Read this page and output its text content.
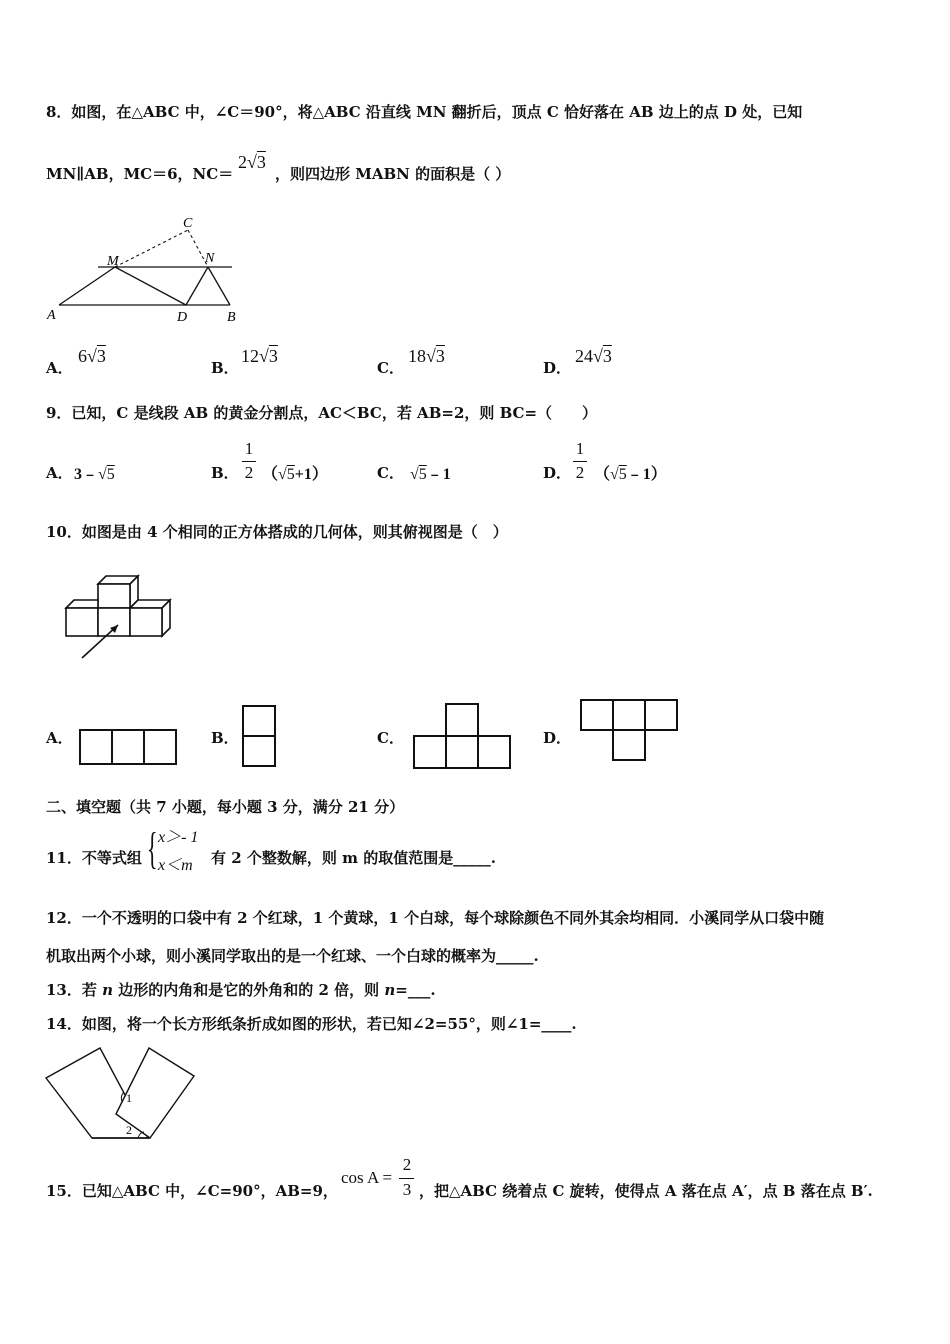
8．如图，在△ABC 中，∠C＝90°，将△ABC 沿直线 MN 翻折后，顶点 C 恰好落在 AB 边上的点 D 处，已知
MN∥AB，MC＝6，NC＝
2√3
，则四边形 MABN 的面积是（ ）
C
M	N
A	D	B
A．
6√3
B．
12√3
C．
18√3
D．
24√3
9．已知，C 是线段 AB 的黄金分割点，AC＜BC，若 AB=2，则 BC=（　　）
A． 3﹣√5	B．
1
2 （√5+1）	C． √5﹣1	D．
1
2 （√5﹣1）
10．如图是由 4 个相同的正方体搭成的几何体，则其俯视图是（　）
A．	B．	C．	D．
二、填空题（共 7 小题，每小题 3 分，满分 21 分）
11．不等式组 { x＞- 1
x＜m 有 2 个整数解，则 m 的取值范围是_____.
12．一个不透明的口袋中有 2 个红球，1 个黄球，1 个白球，每个球除颜色不同外其余均相同．小溪同学从口袋中随
机取出两个小球，则小溪同学取出的是一个红球、一个白球的概率为_____.
13．若 n 边形的内角和是它的外角和的 2 倍，则 n=___.
14．如图，将一个长方形纸条折成如图的形状，若已知∠2=55°，则∠1=____.
1
2
15．已知△ABC 中，∠C=90°，AB=9，
cos A =
2
3 ，把△ABC 绕着点 C 旋转，使得点 A 落在点 A′，点 B 落在点 B′.
